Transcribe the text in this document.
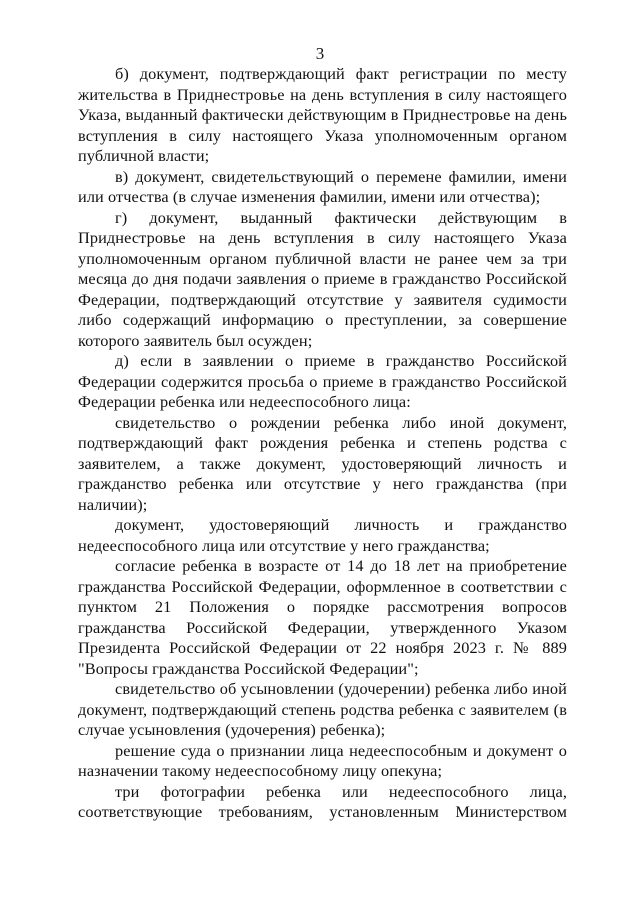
3

б) документ, подтверждающий факт регистрации по месту жительства в Приднестровье на день вступления в силу настоящего Указа, выданный фактически действующим в Приднестровье на день вступления в силу настоящего Указа уполномоченным органом публичной власти;

в) документ, свидетельствующий о перемене фамилии, имени или отчества (в случае изменения фамилии, имени или отчества);

г) документ, выданный фактически действующим в Приднестровье на день вступления в силу настоящего Указа уполномоченным органом публичной власти не ранее чем за три месяца до дня подачи заявления о приеме в гражданство Российской Федерации, подтверждающий отсутствие у заявителя судимости либо содержащий информацию о преступлении, за совершение которого заявитель был осужден;

д) если в заявлении о приеме в гражданство Российской Федерации содержится просьба о приеме в гражданство Российской Федерации ребенка или недееспособного лица:

свидетельство о рождении ребенка либо иной документ, подтверждающий факт рождения ребенка и степень родства с заявителем, а также документ, удостоверяющий личность и гражданство ребенка или отсутствие у него гражданства (при наличии);

документ, удостоверяющий личность и гражданство недееспособного лица или отсутствие у него гражданства;

согласие ребенка в возрасте от 14 до 18 лет на приобретение гражданства Российской Федерации, оформленное в соответствии с пунктом 21 Положения о порядке рассмотрения вопросов гражданства Российской Федерации, утвержденного Указом Президента Российской Федерации от 22 ноября 2023 г. № 889 "Вопросы гражданства Российской Федерации";

свидетельство об усыновлении (удочерении) ребенка либо иной документ, подтверждающий степень родства ребенка с заявителем (в случае усыновления (удочерения) ребенка);

решение суда о признании лица недееспособным и документ о назначении такому недееспособному лицу опекуна;

три фотографии ребенка или недееспособного лица, соответствующие требованиям, установленным Министерством
